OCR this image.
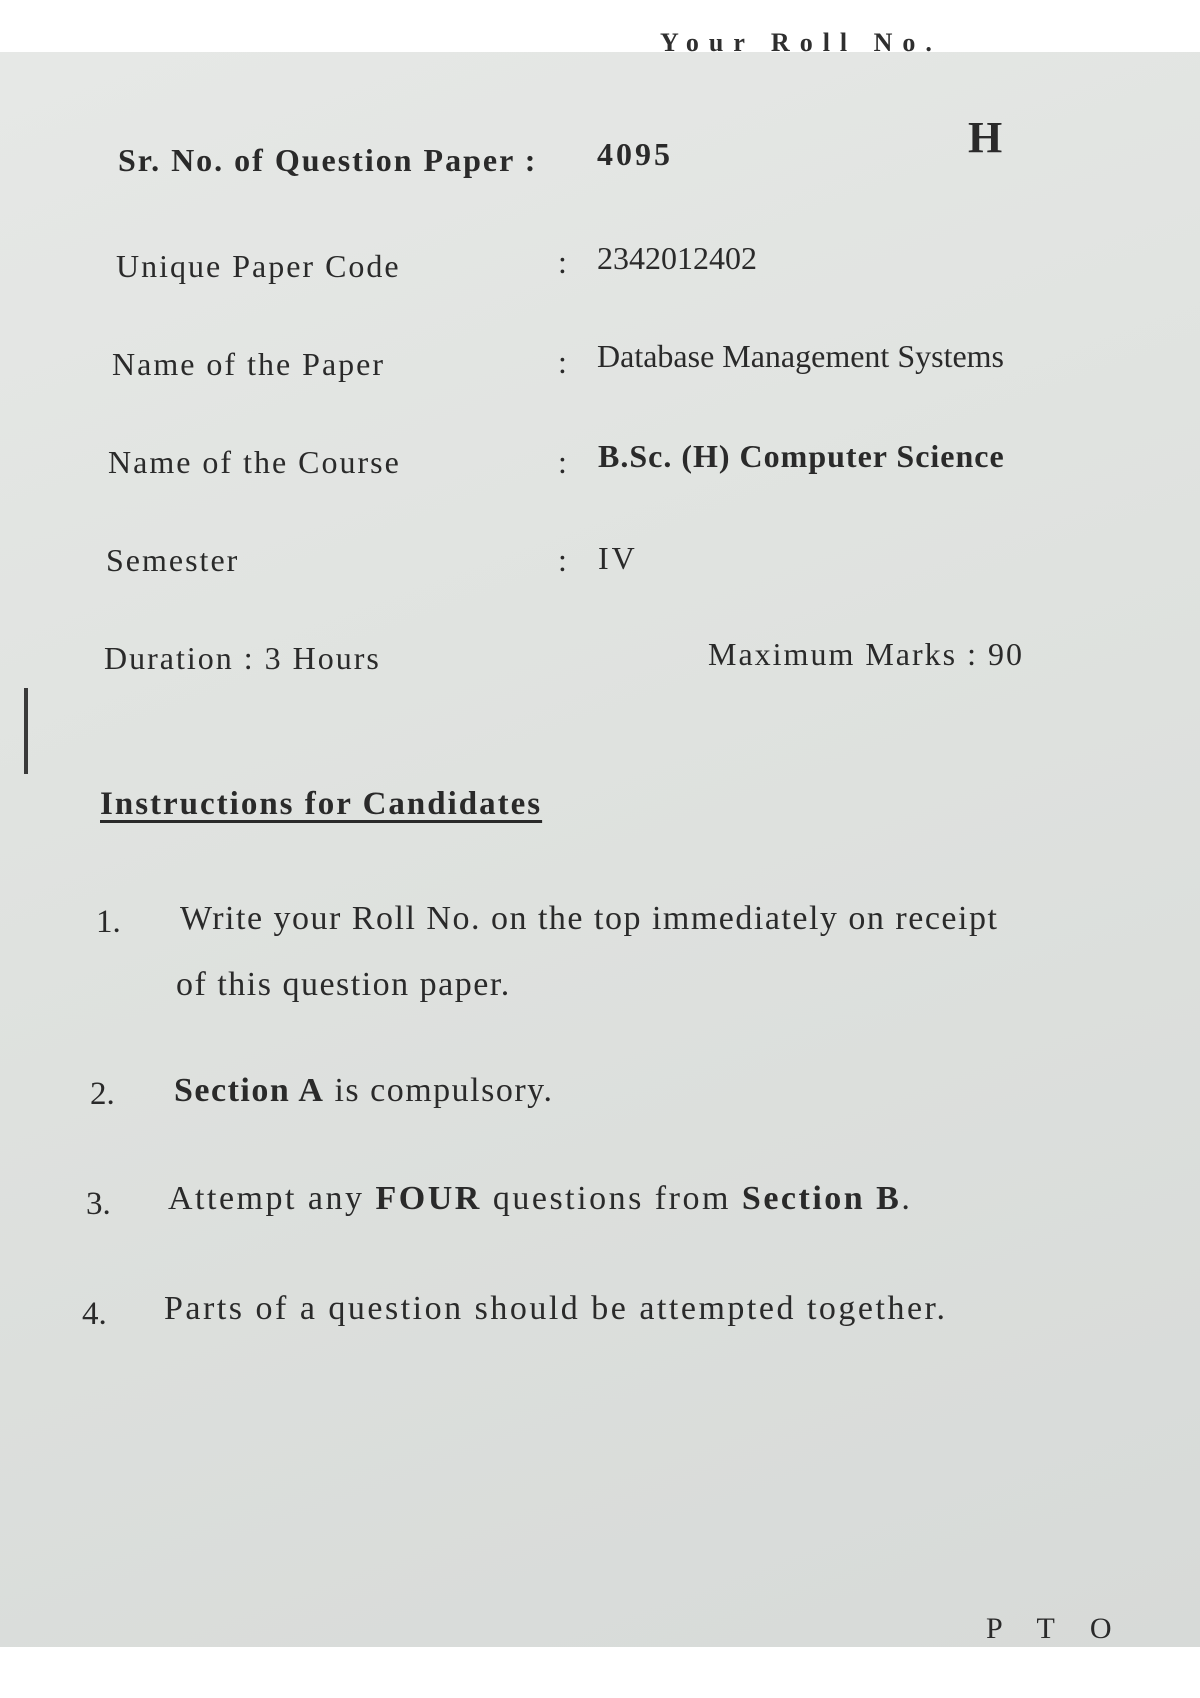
Your Roll No.
H
Sr. No. of Question Paper : 4095
Unique Paper Code	: 2342012402
Name of the Paper	: Database Management Systems
Name of the Course	: B.Sc. (H) Computer Science
Semester	: IV
Duration : 3 Hours	Maximum Marks : 90
Instructions for Candidates
1. Write your Roll No. on the top immediately on receipt
of this question paper.
2. Section A is compulsory.
3. Attempt any FOUR questions from Section B.
4. Parts of a question should be attempted together.
P T O
